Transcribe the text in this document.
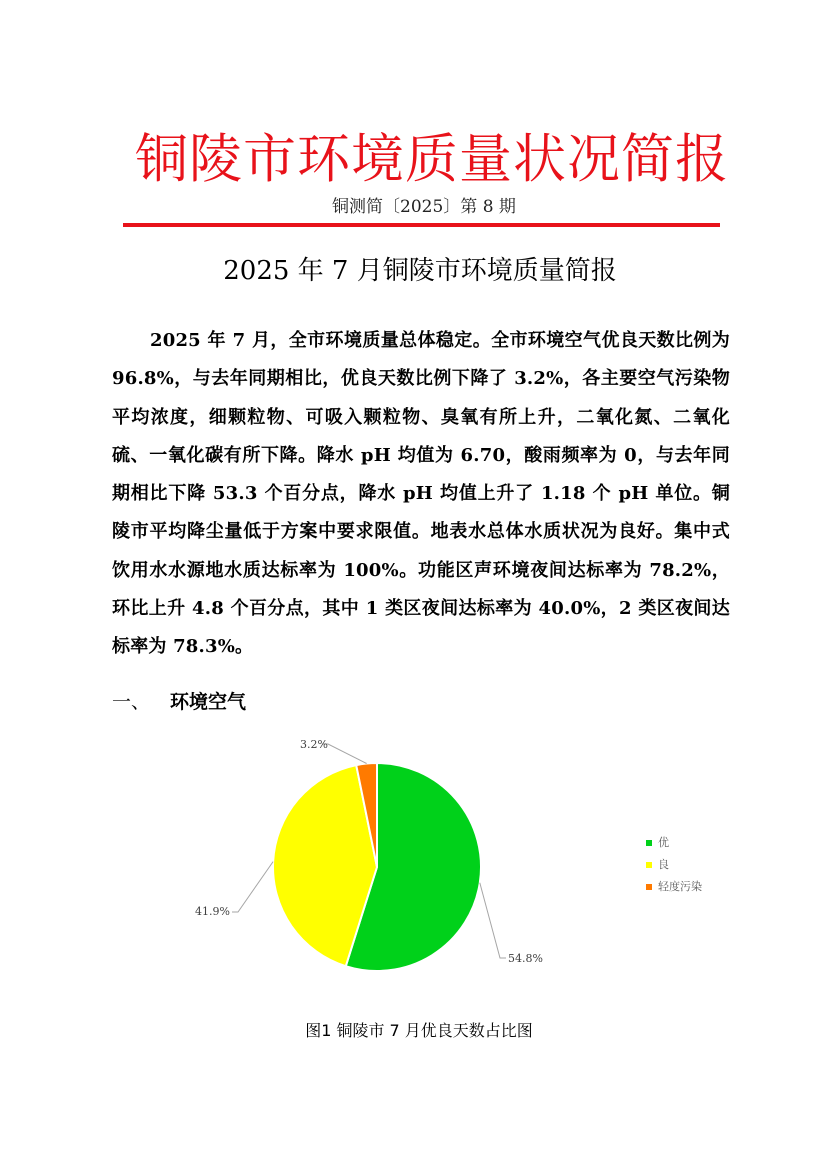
铜陵市环境质量状况简报
铜测简〔2025〕第 8 期
2025 年 7 月铜陵市环境质量简报
2025 年 7 月，全市环境质量总体稳定。全市环境空气优良天数比例为 96.8%，与去年同期相比，优良天数比例下降了 3.2%，各主要空气污染物平均浓度，细颗粒物、可吸入颗粒物、臭氧有所上升，二氧化氮、二氧化硫、一氧化碳有所下降。降水 pH 均值为 6.70，酸雨频率为 0，与去年同期相比下降 53.3 个百分点，降水 pH 均值上升了 1.18 个 pH 单位。铜陵市平均降尘量低于方案中要求限值。地表水总体水质状况为良好。集中式饮用水水源地水质达标率为 100%。功能区声环境夜间达标率为 78.2%，环比上升 4.8 个百分点，其中 1 类区夜间达标率为 40.0%，2 类区夜间达标率为 78.3%。
一、 环境空气
54.8%
41.9%
3.2%
优
良
轻度污染
图1 铜陵市 7 月优良天数占比图
